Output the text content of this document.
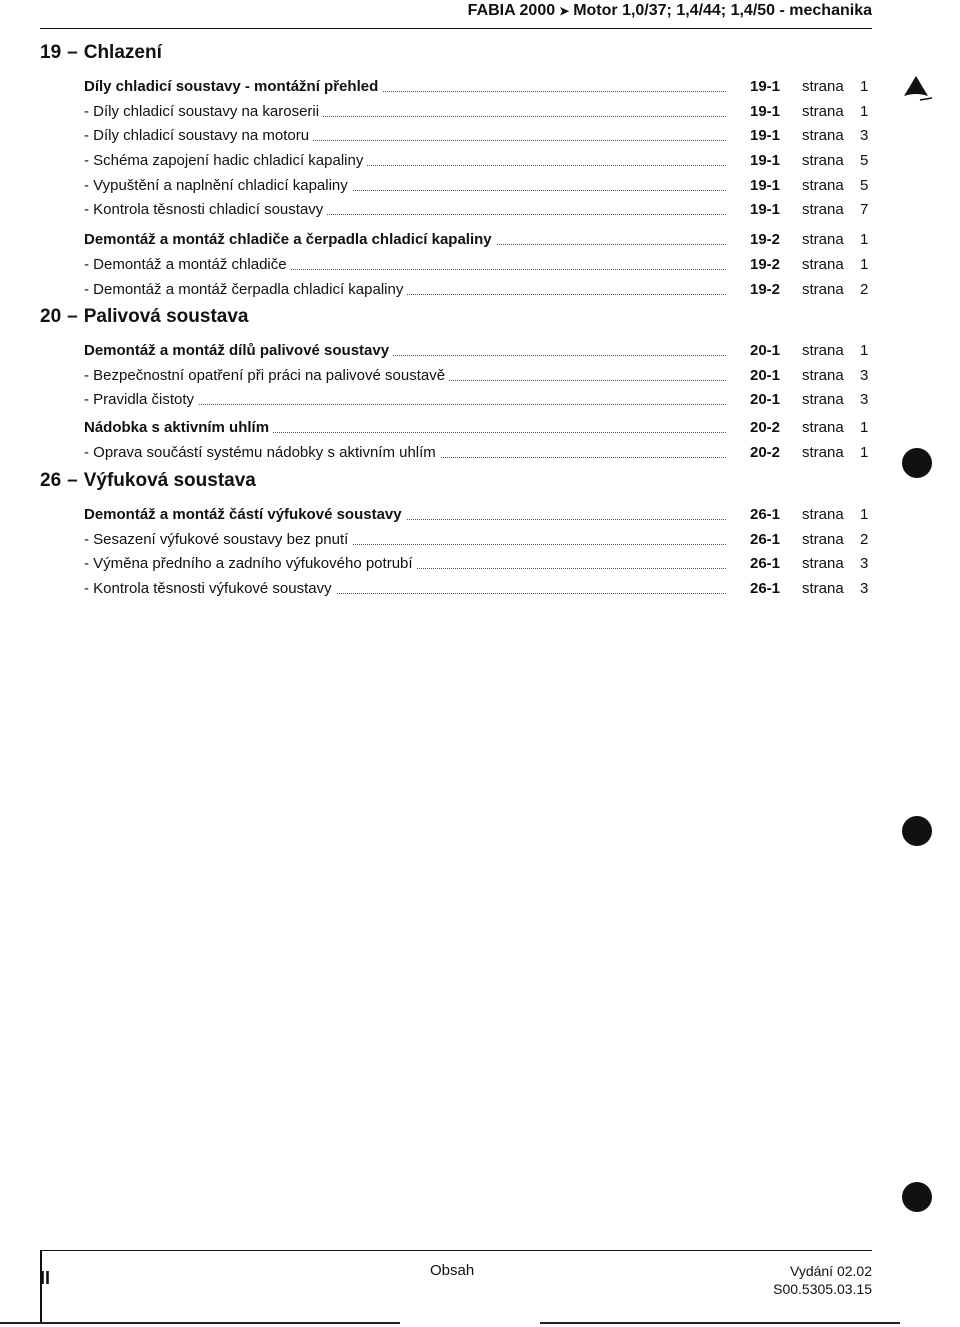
FABIA 2000 ➤ Motor 1,0/37; 1,4/44; 1,4/50 - mechanika
19 – Chlazení
Díly chladicí soustavy - montážní přehled	19-1 strana 1
- Díly chladicí soustavy na karoserii	19-1 strana 1
- Díly chladicí soustavy na motoru	19-1 strana 3
- Schéma zapojení hadic chladicí kapaliny	19-1 strana 5
- Vypuštění a naplnění chladicí kapaliny	19-1 strana 5
- Kontrola těsnosti chladicí soustavy	19-1 strana 7
Demontáž a montáž chladiče a čerpadla chladicí kapaliny	19-2 strana 1
- Demontáž a montáž chladiče	19-2 strana 1
- Demontáž a montáž čerpadla chladicí kapaliny	19-2 strana 2
20 – Palivová soustava
Demontáž a montáž dílů palivové soustavy	20-1 strana 1
- Bezpečnostní opatření při práci na palivové soustavě	20-1 strana 3
- Pravidla čistoty	20-1 strana 3
Nádobka s aktivním uhlím	20-2 strana 1
- Oprava součástí systému nádobky s aktivním uhlím	20-2 strana 1
26 – Výfuková soustava
Demontáž a montáž částí výfukové soustavy	26-1 strana 1
- Sesazení výfukové soustavy bez pnutí	26-1 strana 2
- Výměna předního a zadního výfukového potrubí	26-1 strana 3
- Kontrola těsnosti výfukové soustavy	26-1 strana 3
II	Obsah	Vydání 02.02
S00.5305.03.15
